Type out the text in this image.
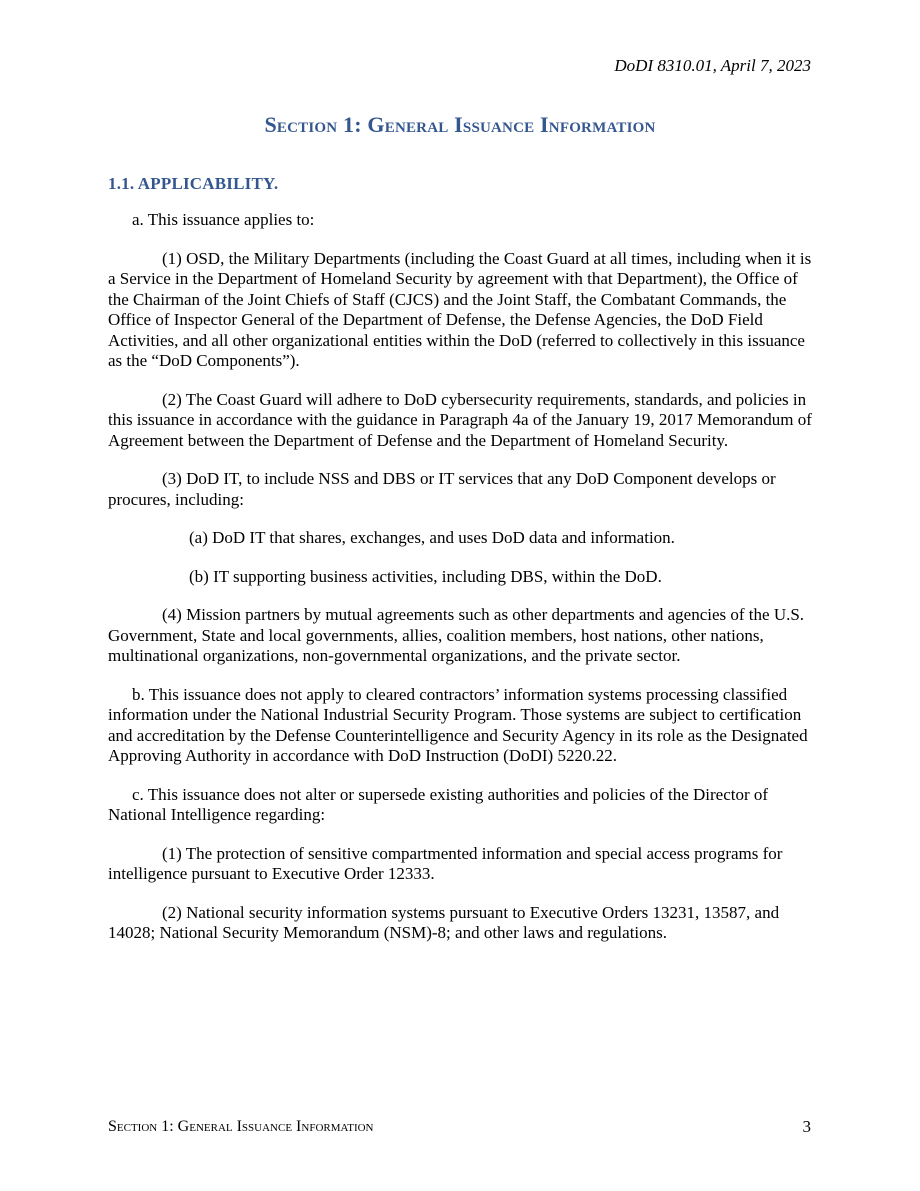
DoDI 8310.01, April 7, 2023
Section 1: General Issuance Information
1.1. APPLICABILITY.

a. This issuance applies to:

(1) OSD, the Military Departments (including the Coast Guard at all times, including when it is a Service in the Department of Homeland Security by agreement with that Department), the Office of the Chairman of the Joint Chiefs of Staff (CJCS) and the Joint Staff, the Combatant Commands, the Office of Inspector General of the Department of Defense, the Defense Agencies, the DoD Field Activities, and all other organizational entities within the DoD (referred to collectively in this issuance as the “DoD Components”).

(2) The Coast Guard will adhere to DoD cybersecurity requirements, standards, and policies in this issuance in accordance with the guidance in Paragraph 4a of the January 19, 2017 Memorandum of Agreement between the Department of Defense and the Department of Homeland Security.

(3) DoD IT, to include NSS and DBS or IT services that any DoD Component develops or procures, including:

(a) DoD IT that shares, exchanges, and uses DoD data and information.

(b) IT supporting business activities, including DBS, within the DoD.

(4) Mission partners by mutual agreements such as other departments and agencies of the U.S. Government, State and local governments, allies, coalition members, host nations, other nations, multinational organizations, non-governmental organizations, and the private sector.

b. This issuance does not apply to cleared contractors’ information systems processing classified information under the National Industrial Security Program. Those systems are subject to certification and accreditation by the Defense Counterintelligence and Security Agency in its role as the Designated Approving Authority in accordance with DoD Instruction (DoDI) 5220.22.

c. This issuance does not alter or supersede existing authorities and policies of the Director of National Intelligence regarding:

(1) The protection of sensitive compartmented information and special access programs for intelligence pursuant to Executive Order 12333.

(2) National security information systems pursuant to Executive Orders 13231, 13587, and 14028; National Security Memorandum (NSM)-8; and other laws and regulations.

Section 1: General Issuance Information	3
